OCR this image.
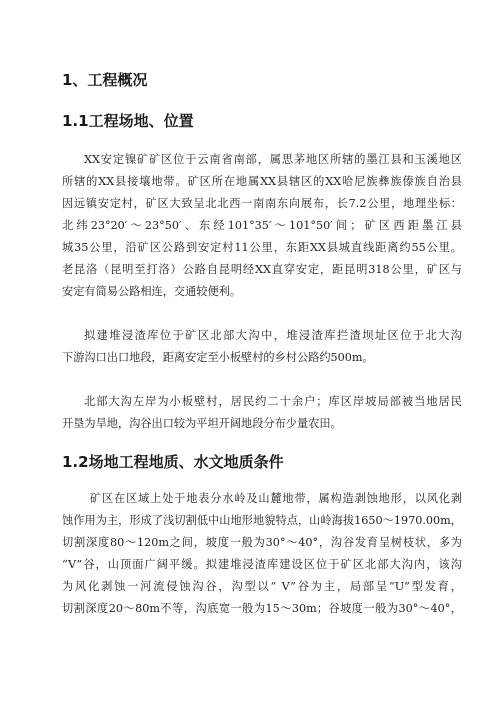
1、工程概况
1.1工程场地、位置
XX安定镍矿矿区位于云南省南部，属思茅地区所辖的墨江县和玉溪地区
所辖的XX县接壤地带。矿区所在地属XX县辖区的XX哈尼族彝族傣族自治县
因远镇安定村，矿区大致呈北北西一南南东向展布，长7.2公里，地理坐标：
北纬23°20′～23°50′、东经101°35′～101°50′间；矿区西距墨江县
城35公里，沿矿区公路到安定村11公里，东距XX县城直线距离约55公里。
老昆洛（昆明至打洛）公路自昆明经XX直穿安定，距昆明318公里，矿区与
安定有简易公路相连，交通较便利。
拟建堆浸渣库位于矿区北部大沟中，堆浸渣库拦渣坝址区位于北大沟
下游沟口出口地段，距离安定至小板壁村的乡村公路约500m。
北部大沟左岸为小板壁村，居民约二十余户；库区岸坡局部被当地居民
开垦为旱地，沟谷出口较为平坦开阔地段分布少量农田。
1.2场地工程地质、水文地质条件
矿区在区域上处于地表分水岭及山麓地带，属构造剥蚀地形，以风化剥
蚀作用为主，形成了浅切割低中山地形地貌特点，山岭海拔1650～1970.00m，
切割深度80～120m之间，坡度一般为30°～40°，沟谷发育呈树枝状，多为
“V”谷，山顶面广阔平缓。拟建堆浸渣库建设区位于矿区北部大沟内，该沟
为风化剥蚀一河流侵蚀沟谷，沟型以“ V”谷为主，局部呈“U”型发育，
切割深度20～80m不等，沟底宽一般为15～30m；谷坡度一般为30°～40°，
